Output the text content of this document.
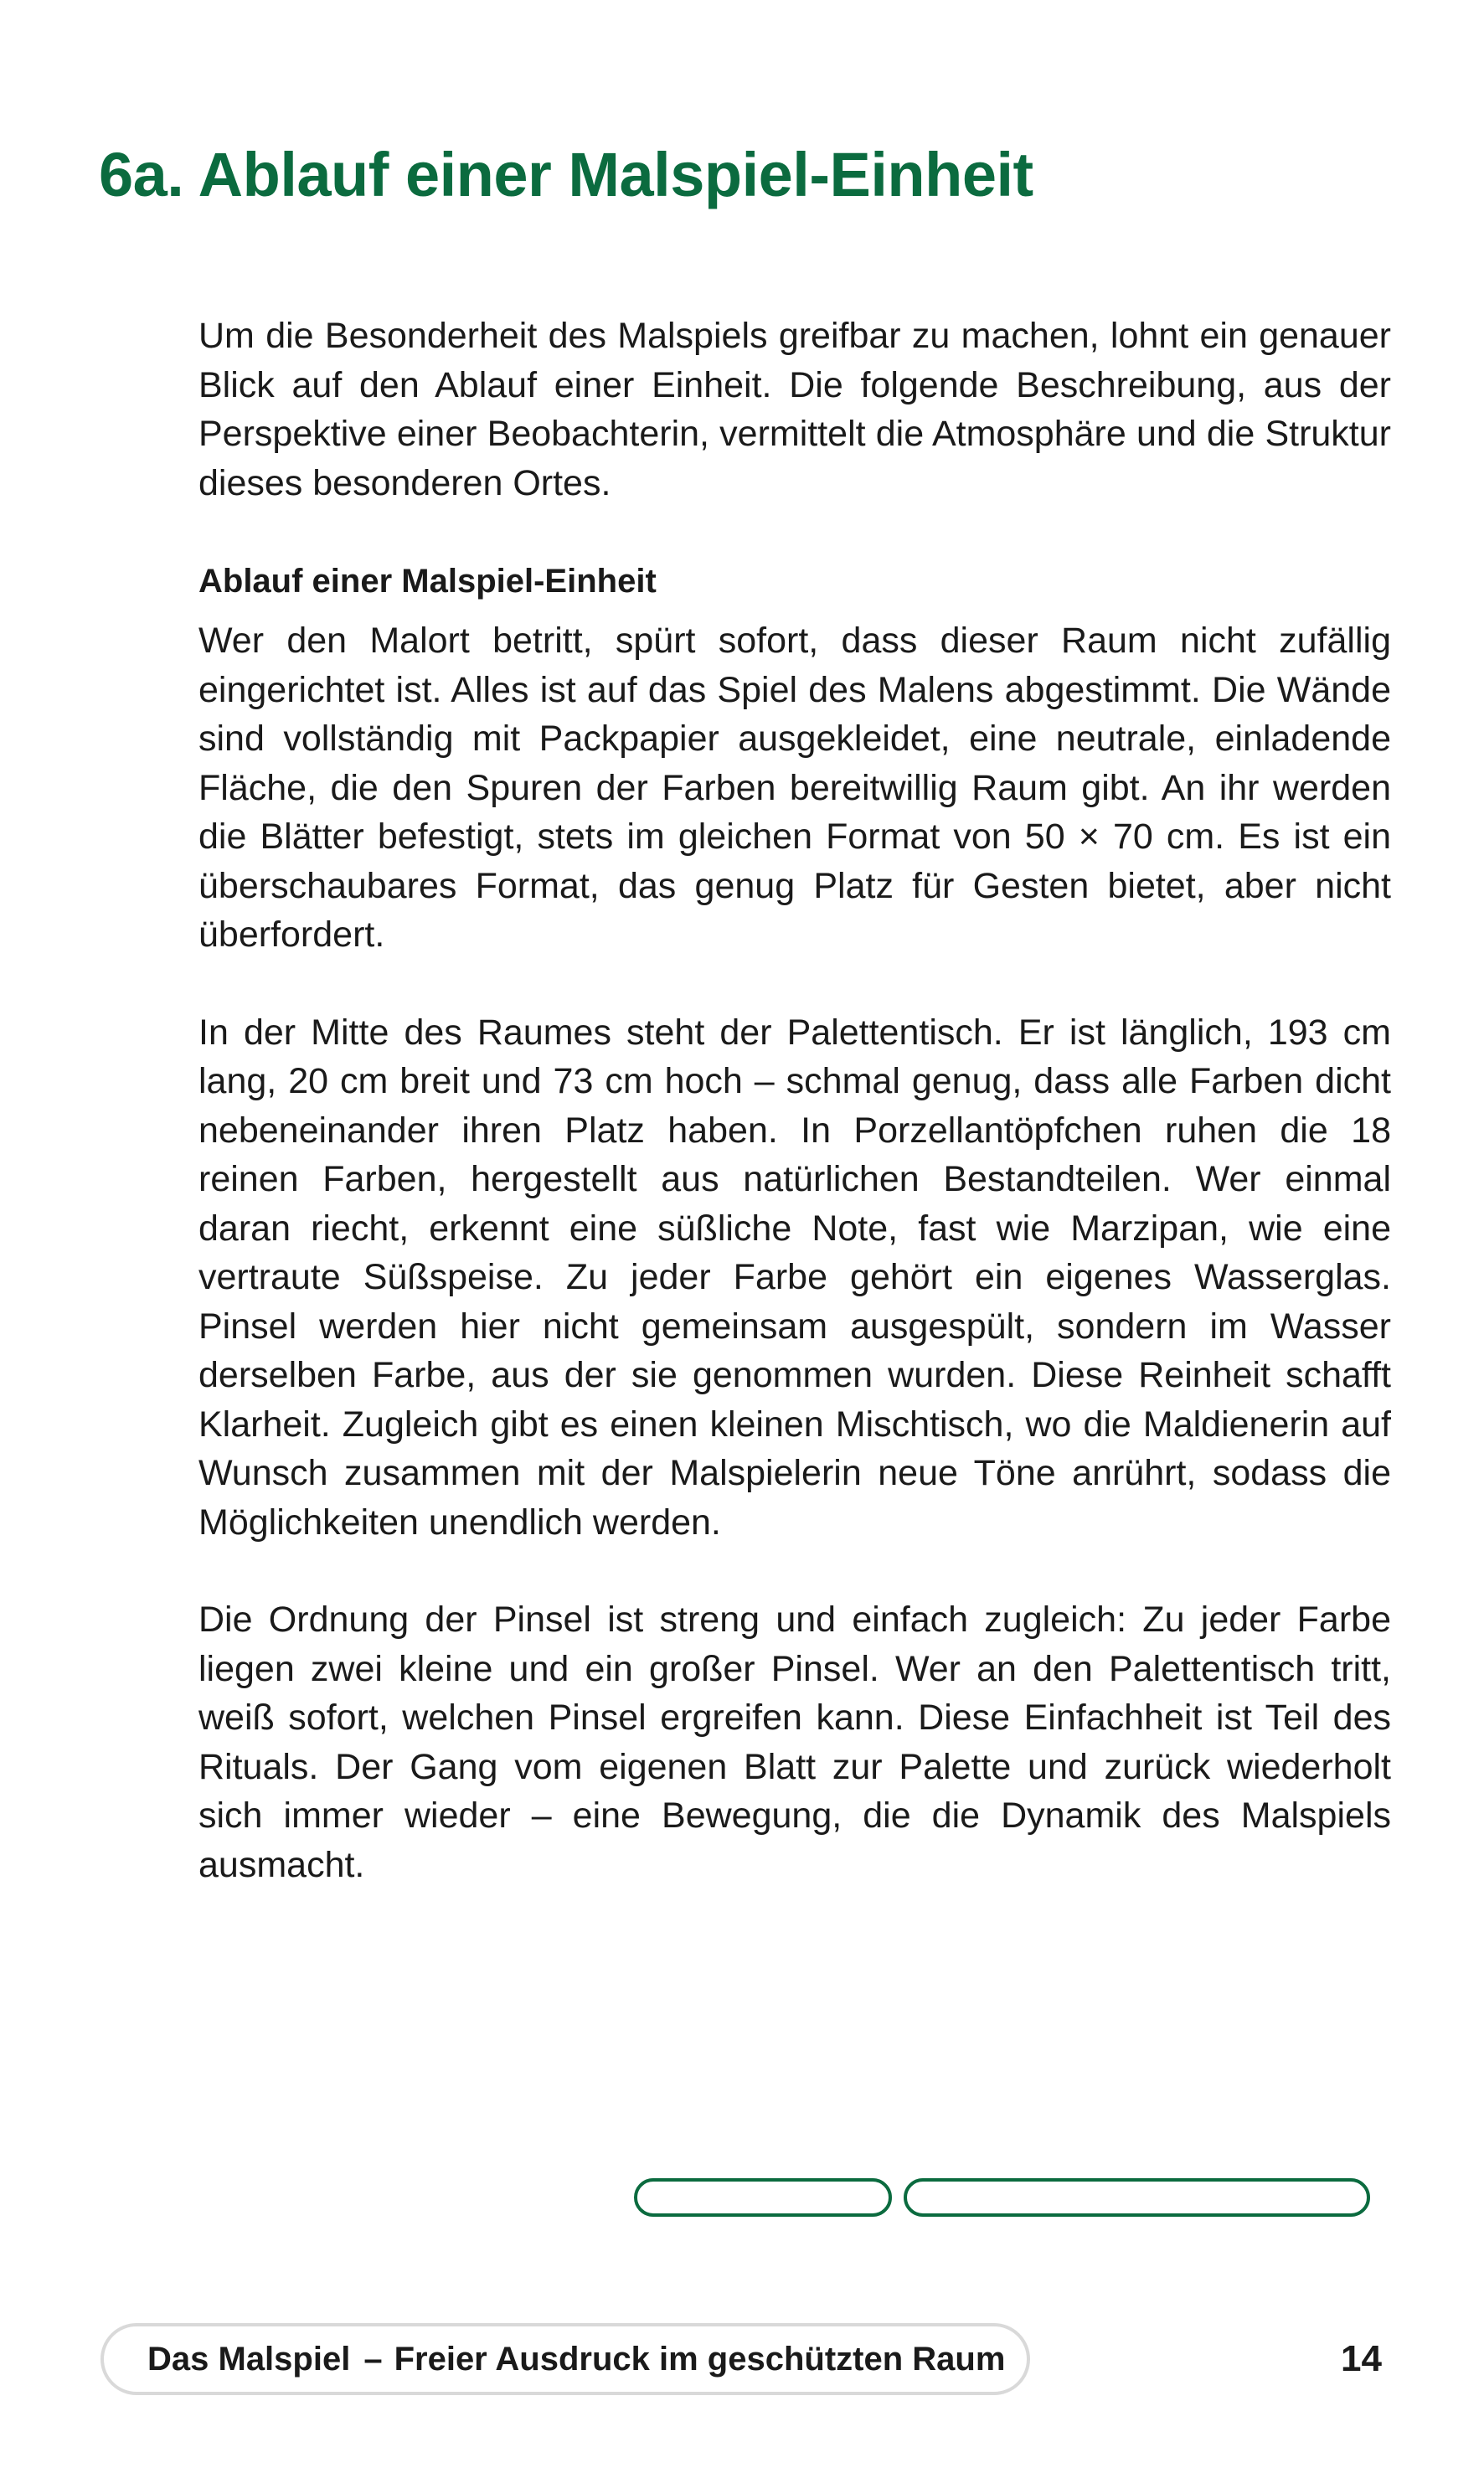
6a. Ablauf einer Malspiel-Einheit

Um die Besonderheit des Malspiels greifbar zu machen, lohnt ein genauer Blick auf den Ablauf einer Einheit. Die folgende Beschreibung, aus der Perspektive einer Beobachterin, vermittelt die Atmosphäre und die Struktur dieses besonderen Ortes.

Ablauf einer Malspiel-Einheit

Wer den Malort betritt, spürt sofort, dass dieser Raum nicht zufällig eingerichtet ist. Alles ist auf das Spiel des Malens abgestimmt. Die Wände sind vollständig mit Packpapier ausgekleidet, eine neutrale, einladende Fläche, die den Spuren der Farben bereitwillig Raum gibt. An ihr werden die Blätter befestigt, stets im gleichen Format von 50 × 70 cm. Es ist ein überschaubares Format, das genug Platz für Gesten bietet, aber nicht überfordert.

In der Mitte des Raumes steht der Palettentisch. Er ist länglich, 193 cm lang, 20 cm breit und 73 cm hoch – schmal genug, dass alle Farben dicht nebeneinander ihren Platz haben. In Porzellantöpfchen ruhen die 18 reinen Farben, hergestellt aus natürlichen Bestandteilen. Wer einmal daran riecht, erkennt eine süßliche Note, fast wie Marzipan, wie eine vertraute Süßspeise. Zu jeder Farbe gehört ein eigenes Wasserglas. Pinsel werden hier nicht gemeinsam ausgespült, sondern im Wasser derselben Farbe, aus der sie genommen wurden. Diese Reinheit schafft Klarheit. Zugleich gibt es einen kleinen Mischtisch, wo die Maldienerin auf Wunsch zusammen mit der Malspielerin neue Töne anrührt, sodass die Möglichkeiten unendlich werden.

Die Ordnung der Pinsel ist streng und einfach zugleich: Zu jeder Farbe liegen zwei kleine und ein großer Pinsel. Wer an den Palettentisch tritt, weiß sofort, welchen Pinsel ergreifen kann. Diese Einfachheit ist Teil des Rituals. Der Gang vom eigenen Blatt zur Palette und zurück wiederholt sich immer wieder – eine Bewegung, die die Dynamik des Malspiels ausmacht.

Das Malspiel – Freier Ausdruck im geschützten Raum	14
